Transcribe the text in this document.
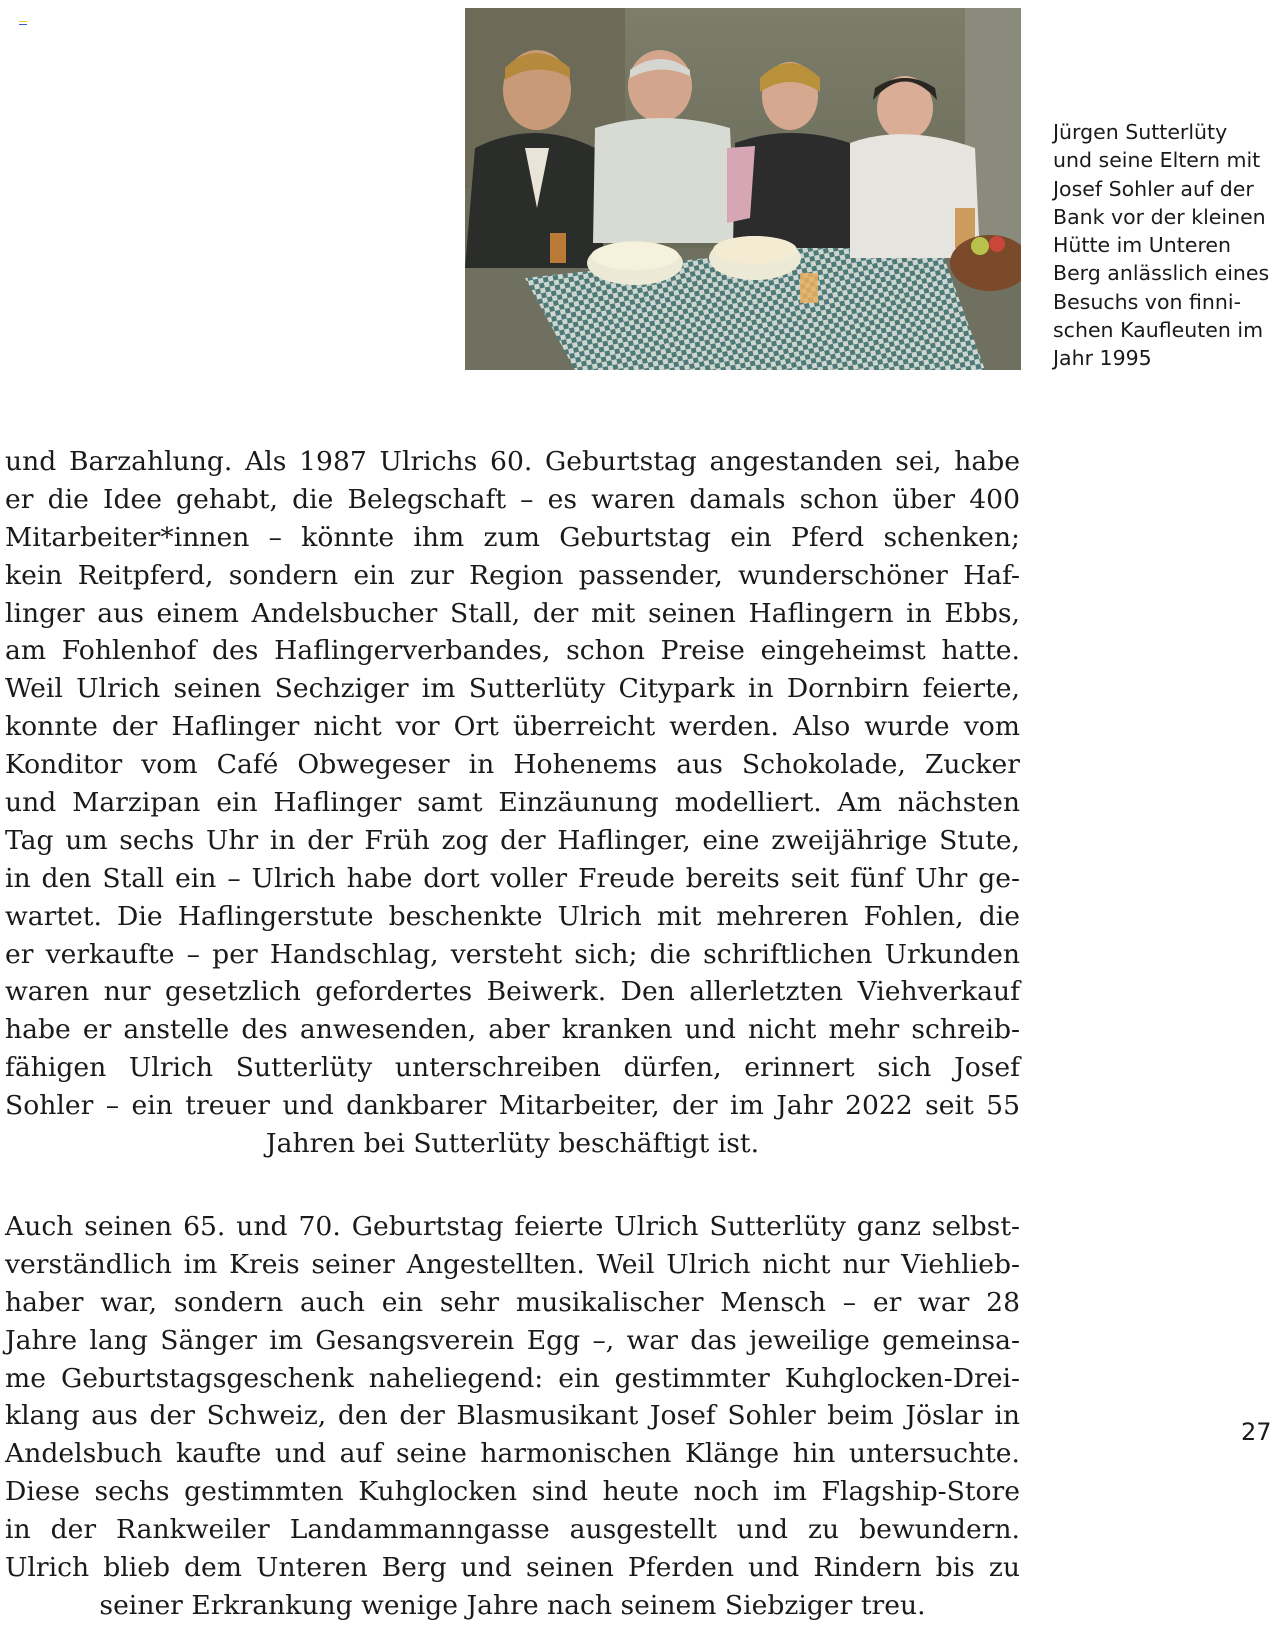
Jürgen Sutterlüty
und seine Eltern mit
Josef Sohler auf der
Bank vor der kleinen
Hütte im Unteren
Berg anlässlich eines
Besuchs von finni-
schen Kaufleuten im
Jahr 1995
und Barzahlung. Als 1987 Ulrichs 60. Geburtstag angestanden sei, habe
er die Idee gehabt, die Belegschaft – es waren damals schon über 400
Mitarbeiter*innen – könnte ihm zum Geburtstag ein Pferd schenken;
kein Reitpferd, sondern ein zur Region passender, wunderschöner Haf-
linger aus einem Andelsbucher Stall, der mit seinen Haflingern in Ebbs,
am Fohlenhof des Haflingerverbandes, schon Preise eingeheimst hatte.
Weil Ulrich seinen Sechziger im Sutterlüty Citypark in Dornbirn feierte,
konnte der Haflinger nicht vor Ort überreicht werden. Also wurde vom
Konditor vom Café Obwegeser in Hohenems aus Schokolade, Zucker
und Marzipan ein Haflinger samt Einzäunung modelliert. Am nächsten
Tag um sechs Uhr in der Früh zog der Haflinger, eine zweijährige Stute,
in den Stall ein – Ulrich habe dort voller Freude bereits seit fünf Uhr ge-
wartet. Die Haflingerstute beschenkte Ulrich mit mehreren Fohlen, die
er verkaufte – per Handschlag, versteht sich; die schriftlichen Urkunden
waren nur gesetzlich gefordertes Beiwerk. Den allerletzten Viehverkauf
habe er anstelle des anwesenden, aber kranken und nicht mehr schreib-
fähigen Ulrich Sutterlüty unterschreiben dürfen, erinnert sich Josef
Sohler – ein treuer und dankbarer Mitarbeiter, der im Jahr 2022 seit 55
Jahren bei Sutterlüty beschäftigt ist.
Auch seinen 65. und 70. Geburtstag feierte Ulrich Sutterlüty ganz selbst-
verständlich im Kreis seiner Angestellten. Weil Ulrich nicht nur Viehlieb-
haber war, sondern auch ein sehr musikalischer Mensch – er war 28
Jahre lang Sänger im Gesangsverein Egg –, war das jeweilige gemeinsa-
me Geburtstagsgeschenk naheliegend: ein gestimmter Kuhglocken-Drei-
klang aus der Schweiz, den der Blasmusikant Josef Sohler beim Jöslar in
Andelsbuch kaufte und auf seine harmonischen Klänge hin untersuchte.
Diese sechs gestimmten Kuhglocken sind heute noch im Flagship-Store
in der Rankweiler Landammanngasse ausgestellt und zu bewundern.
Ulrich blieb dem Unteren Berg und seinen Pferden und Rindern bis zu
seiner Erkrankung wenige Jahre nach seinem Siebziger treu.
27
